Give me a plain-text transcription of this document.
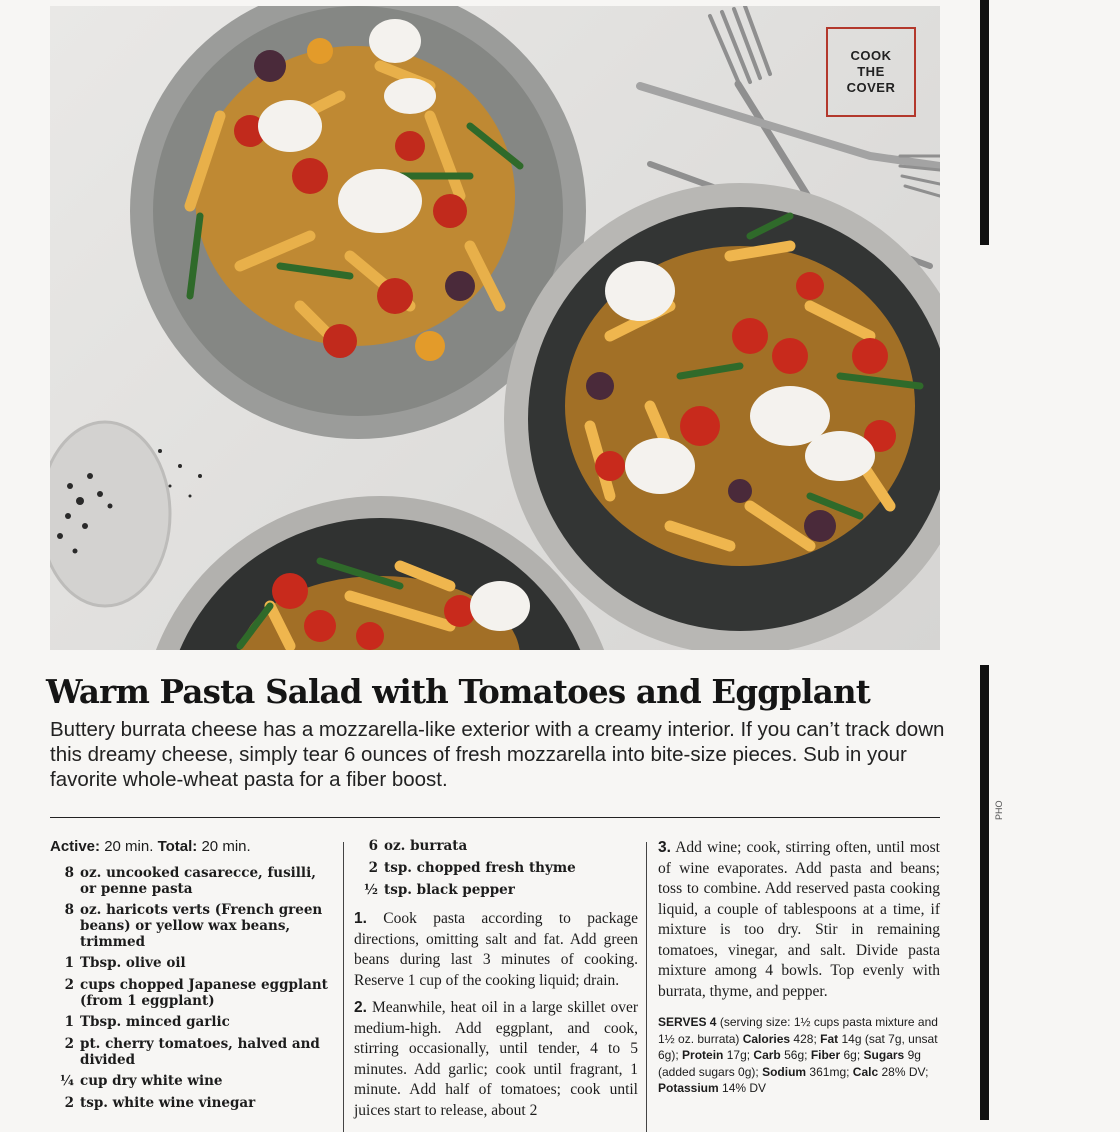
COOK
THE
COVER
PHO
Warm Pasta Salad with Tomatoes and Eggplant

Buttery burrata cheese has a mozzarella-like exterior with a creamy interior. If you can’t track down this dreamy cheese, simply tear 6 ounces of fresh mozzarella into bite-size pieces. Sub in your favorite whole-wheat pasta for a fiber boost.

Active: 20 min. Total: 20 min.

8 oz. uncooked casarecce, fusilli, or penne pasta
8 oz. haricots verts (French green beans) or yellow wax beans, trimmed
1 Tbsp. olive oil
2 cups chopped Japanese eggplant (from 1 eggplant)
1 Tbsp. minced garlic
2 pt. cherry tomatoes, halved and divided
¼ cup dry white wine
2 tsp. white wine vinegar
6 oz. burrata
2 tsp. chopped fresh thyme
½ tsp. black pepper

1. Cook pasta according to package directions, omitting salt and fat. Add green beans during last 3 minutes of cooking. Reserve 1 cup of the cooking liquid; drain.

2. Meanwhile, heat oil in a large skillet over medium-high. Add eggplant, and cook, stirring occasionally, until tender, 4 to 5 minutes. Add garlic; cook until fragrant, 1 minute. Add half of tomatoes; cook until juices start to release, about 2

3. Add wine; cook, stirring often, until most of wine evaporates. Add pasta and beans; toss to combine. Add reserved pasta cooking liquid, a couple of tablespoons at a time, if mixture is too dry. Stir in remaining tomatoes, vinegar, and salt. Divide pasta mixture among 4 bowls. Top evenly with burrata, thyme, and pepper.

SERVES 4 (serving size: 1½ cups pasta mixture and 1½ oz. burrata) Calories 428; Fat 14g (sat 7g, unsat 6g); Protein 17g; Carb 56g; Fiber 6g; Sugars 9g (added sugars 0g); Sodium 361mg; Calc 28% DV; Potassium 14% DV
